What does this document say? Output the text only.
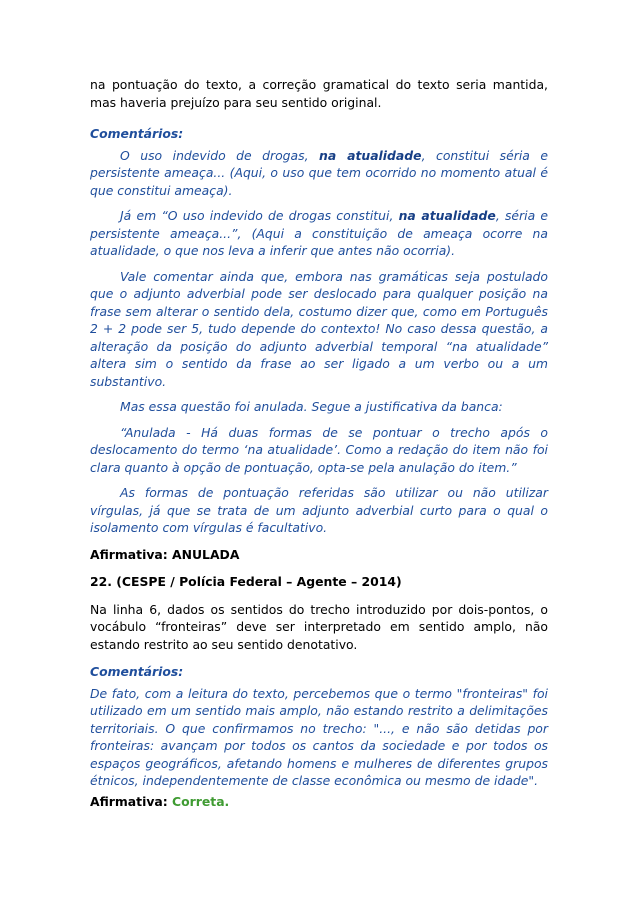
na pontuação do texto, a correção gramatical do texto seria mantida, mas haveria prejuízo para seu sentido original.

Comentários:

O uso indevido de drogas, na atualidade, constitui séria e persistente ameaça... (Aqui, o uso que tem ocorrido no momento atual é que constitui ameaça).

Já em “O uso indevido de drogas constitui, na atualidade, séria e persistente ameaça...”, (Aqui a constituição de ameaça ocorre na atualidade, o que nos leva a inferir que antes não ocorria).

Vale comentar ainda que, embora nas gramáticas seja postulado que o adjunto adverbial pode ser deslocado para qualquer posição na frase sem alterar o sentido dela, costumo dizer que, como em Português 2 + 2 pode ser 5, tudo depende do contexto! No caso dessa questão, a alteração da posição do adjunto adverbial temporal “na atualidade” altera sim o sentido da frase ao ser ligado a um verbo ou a um substantivo.

Mas essa questão foi anulada. Segue a justificativa da banca:

“Anulada - Há duas formas de se pontuar o trecho após o deslocamento do termo ‘na atualidade’. Como a redação do item não foi clara quanto à opção de pontuação, opta-se pela anulação do item.”

As formas de pontuação referidas são utilizar ou não utilizar vírgulas, já que se trata de um adjunto adverbial curto para o qual o isolamento com vírgulas é facultativo.

Afirmativa: ANULADA

22. (CESPE / Polícia Federal – Agente – 2014)

Na linha 6, dados os sentidos do trecho introduzido por dois-pontos, o vocábulo “fronteiras” deve ser interpretado em sentido amplo, não estando restrito ao seu sentido denotativo.

Comentários:

De fato, com a leitura do texto, percebemos que o termo "fronteiras" foi utilizado em um sentido mais amplo, não estando restrito a delimitações territoriais. O que confirmamos no trecho: "..., e não são detidas por fronteiras: avançam por todos os cantos da sociedade e por todos os espaços geográficos, afetando homens e mulheres de diferentes grupos étnicos, independentemente de classe econômica ou mesmo de idade".

Afirmativa: Correta.
